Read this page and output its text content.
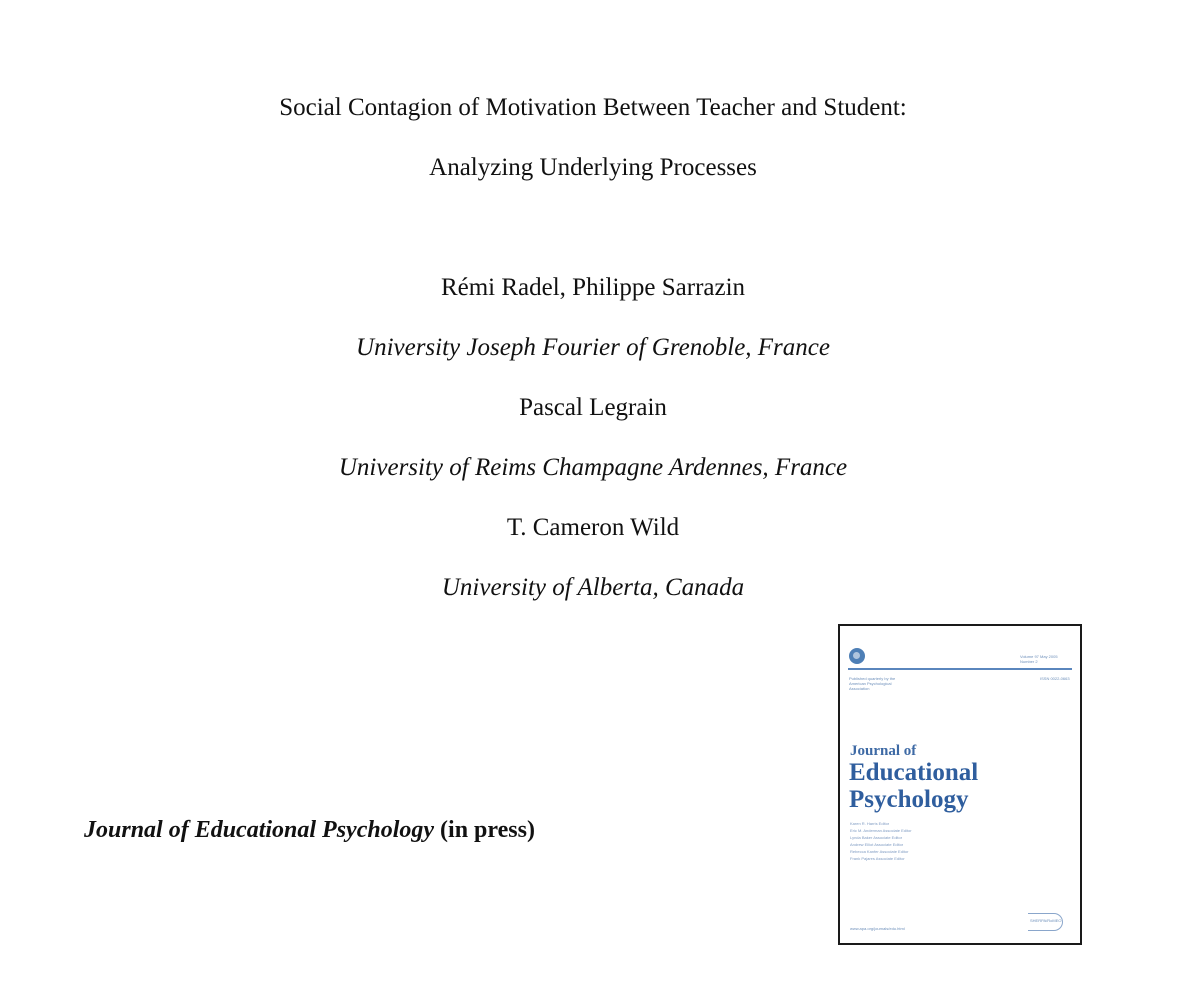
Social Contagion of Motivation Between Teacher and Student:
Analyzing Underlying Processes
Rémi Radel, Philippe Sarrazin
University Joseph Fourier of Grenoble, France
Pascal Legrain
University of Reims Champagne Ardennes, France
T. Cameron Wild
University of Alberta, Canada
Journal of Educational Psychology (in press)
Volume 97 May 2005
Number 2
Published quarterly by the American Psychological Association
ISSN 0022-0663
Journal of
Educational
Psychology
Karen R. Harris Editor
Eric M. Anderman Associate Editor
Lynda Baker Associate Editor
Andrew Elliot Associate Editor
Rebecca Kanfer Associate Editor
Frank Pajares Associate Editor
www.apa.org/journals/edu.html
SHERPA/RoMEO
